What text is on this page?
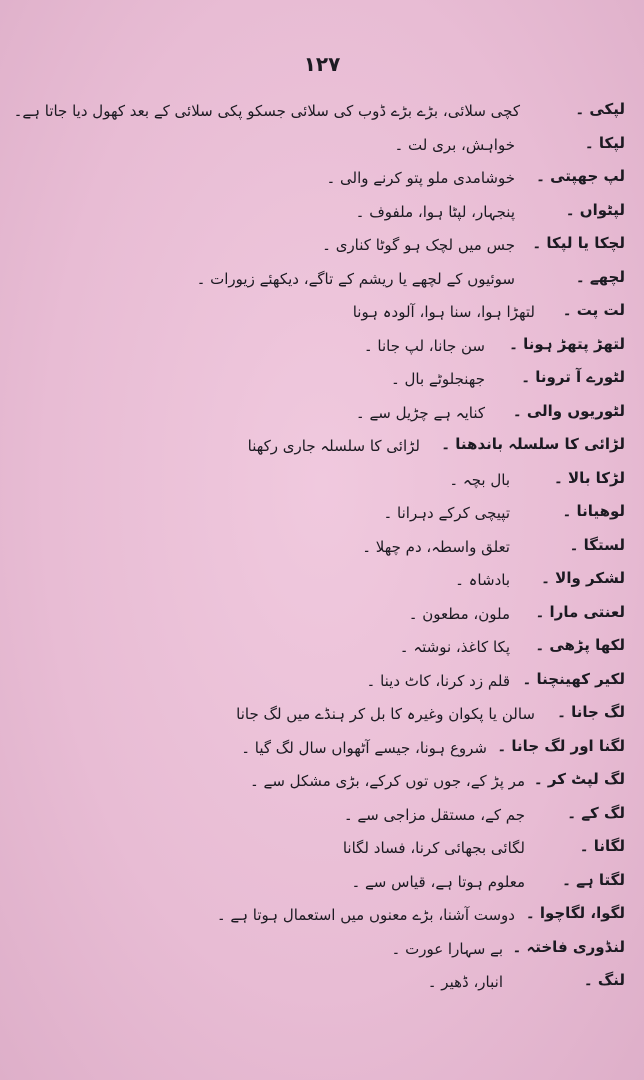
۱۲۷
لپکی ۔
کچی سلائی، بڑے بڑے ڈوب کی سلائی جسکو پکی سلائی کے بعد کھول دیا جاتا ہے۔
لپکا ۔
خواہش، بری لت ۔
لپ جھپتی ۔
خوشامدی ملو پتو کرنے والی ۔
لپٹواں ۔
پنجہار، لپٹا ہوا، ملفوف ۔
لچکا یا لپکا ۔
جس میں لچک ہو گوٹا کناری ۔
لچھے ۔
سوئیوں کے لچھے یا ریشم کے تاگے، دیکھئے زیورات ۔
لت پت ۔
لتھڑا ہوا، سنا ہوا، آلودہ ہونا
لتھڑ پتھڑ ہونا ۔
سن جانا، لپ جانا ۔
لٹورے آ ترونا ۔
جھنجلوٹے بال ۔
لٹوریوں والی ۔
کنایہ ہے چڑیل سے ۔
لڑائی کا سلسلہ باندھنا ۔
لڑائی کا سلسلہ جاری رکھنا
لڑکا بالا ۔
بال بچہ ۔
لوھیانا ۔
تپیچی کرکے دہرانا ۔
لستگا ۔
تعلق واسطہ، دم چھلا ۔
لشکر والا ۔
بادشاہ ۔
لعنتی مارا ۔
ملون، مطعون ۔
لکھا پڑھی ۔
پکا کاغذ، نوشتہ ۔
لکیر کھینچنا ۔
قلم زد کرنا، کاٹ دینا ۔
لگ جانا ۔
سالن یا پکوان وغیرہ کا بل کر ہنڈے میں لگ جانا
لگنا اور لگ جانا ۔
شروع ہونا، جیسے آٹھواں سال لگ گیا ۔
لگ لپٹ کر ۔
مر پڑ کے، جوں توں کرکے، بڑی مشکل سے ۔
لگ کے ۔
جم کے، مستقل مزاجی سے ۔
لگانا ۔
لگائی بجھائی کرنا، فساد لگانا
لگتا ہے ۔
معلوم ہوتا ہے، قیاس سے ۔
لگوا، لگاچوا ۔
دوست آشنا، بڑے معنوں میں استعمال ہوتا ہے ۔
لنڈوری فاختہ ۔
بے سہارا عورت ۔
لنگ ۔
انبار، ڈھیر ۔
